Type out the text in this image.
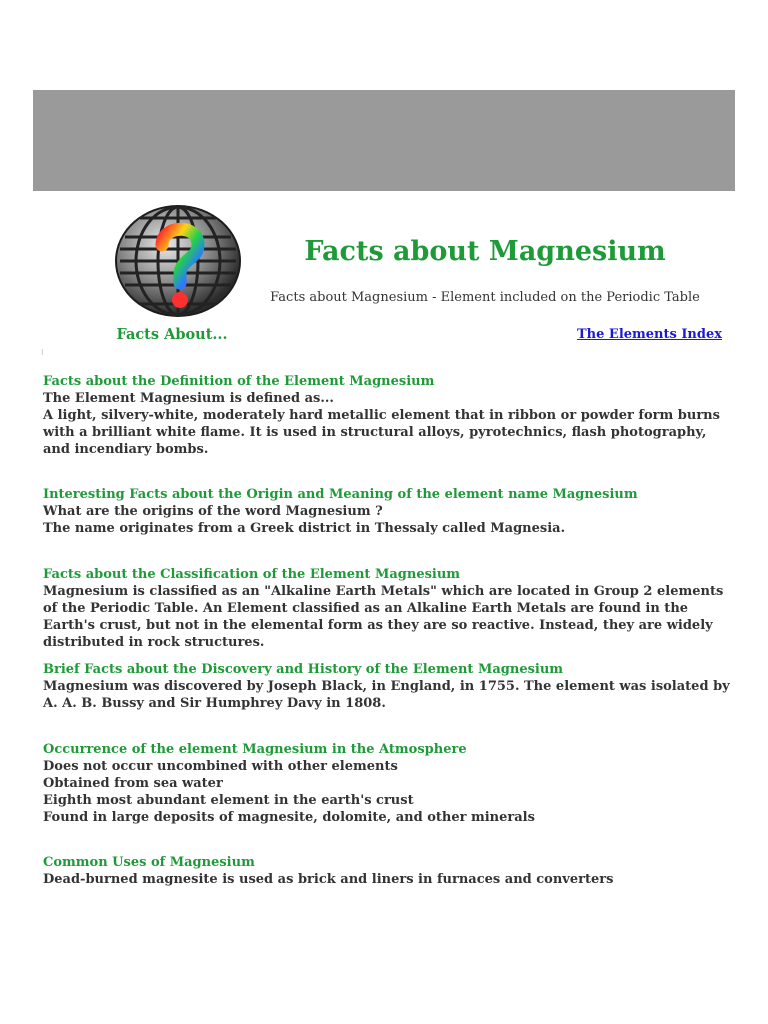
Facts about Magnesium

Facts about Magnesium - Element included on the Periodic Table

Facts About...	The Elements Index
Facts about the Definition of the Element Magnesium

The Element Magnesium is defined as...

A light, silvery-white, moderately hard metallic element that in ribbon or powder form burns with a brilliant white flame. It is used in structural alloys, pyrotechnics, flash photography, and incendiary bombs.

Interesting Facts about the Origin and Meaning of the element name Magnesium

What are the origins of the word Magnesium ?

The name originates from a Greek district in Thessaly called Magnesia.

Facts about the Classification of the Element Magnesium

Magnesium is classified as an "Alkaline Earth Metals" which are located in Group 2 elements of the Periodic Table. An Element classified as an Alkaline Earth Metals are found in the Earth's crust, but not in the elemental form as they are so reactive. Instead, they are widely distributed in rock structures.

Brief Facts about the Discovery and History of the Element Magnesium

Magnesium was discovered by Joseph Black, in England, in 1755. The element was isolated by A. A. B. Bussy and Sir Humphrey Davy in 1808.

Occurrence of the element Magnesium in the Atmosphere

Does not occur uncombined with other elements

Obtained from sea water

Eighth most abundant element in the earth's crust

Found in large deposits of magnesite, dolomite, and other minerals

Common Uses of Magnesium

Dead-burned magnesite is used as brick and liners in furnaces and converters
